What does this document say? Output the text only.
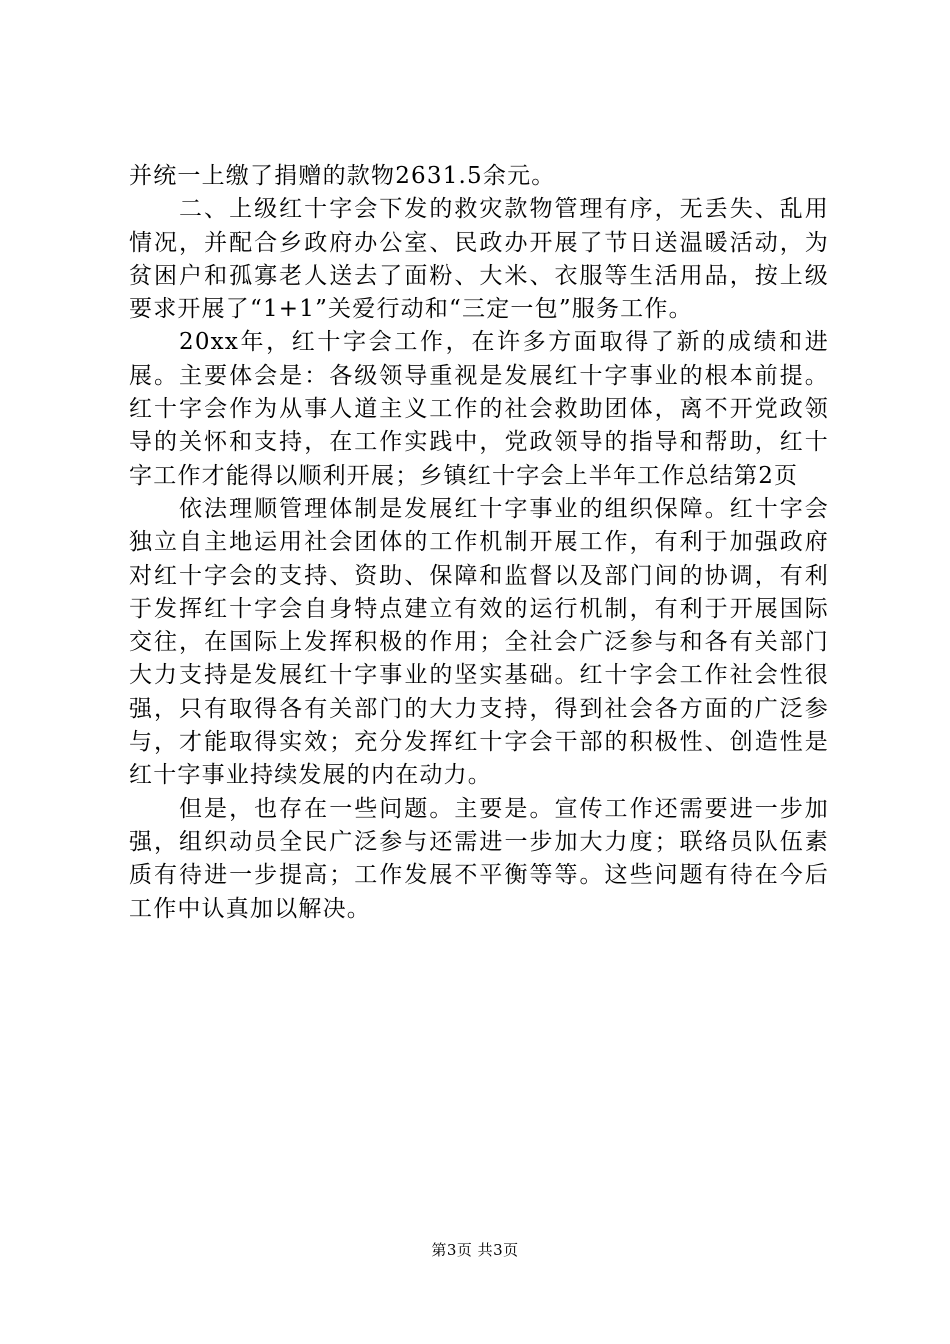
并统一上缴了捐赠的款物2631.5余元。

二、上级红十字会下发的救灾款物管理有序，无丢失、乱用情况，并配合乡政府办公室、民政办开展了节日送温暖活动，为贫困户和孤寡老人送去了面粉、大米、衣服等生活用品，按上级要求开展了“1+1”关爱行动和“三定一包”服务工作。

20xx年，红十字会工作，在许多方面取得了新的成绩和进展。主要体会是：各级领导重视是发展红十字事业的根本前提。红十字会作为从事人道主义工作的社会救助团体，离不开党政领导的关怀和支持，在工作实践中，党政领导的指导和帮助，红十字工作才能得以顺利开展；乡镇红十字会上半年工作总结第2页

依法理顺管理体制是发展红十字事业的组织保障。红十字会独立自主地运用社会团体的工作机制开展工作，有利于加强政府对红十字会的支持、资助、保障和监督以及部门间的协调，有利于发挥红十字会自身特点建立有效的运行机制，有利于开展国际交往，在国际上发挥积极的作用；全社会广泛参与和各有关部门大力支持是发展红十字事业的坚实基础。红十字会工作社会性很强，只有取得各有关部门的大力支持，得到社会各方面的广泛参与，才能取得实效；充分发挥红十字会干部的积极性、创造性是红十字事业持续发展的内在动力。

但是，也存在一些问题。主要是。宣传工作还需要进一步加强，组织动员全民广泛参与还需进一步加大力度；联络员队伍素质有待进一步提高；工作发展不平衡等等。这些问题有待在今后工作中认真加以解决。

第3页 共3页
